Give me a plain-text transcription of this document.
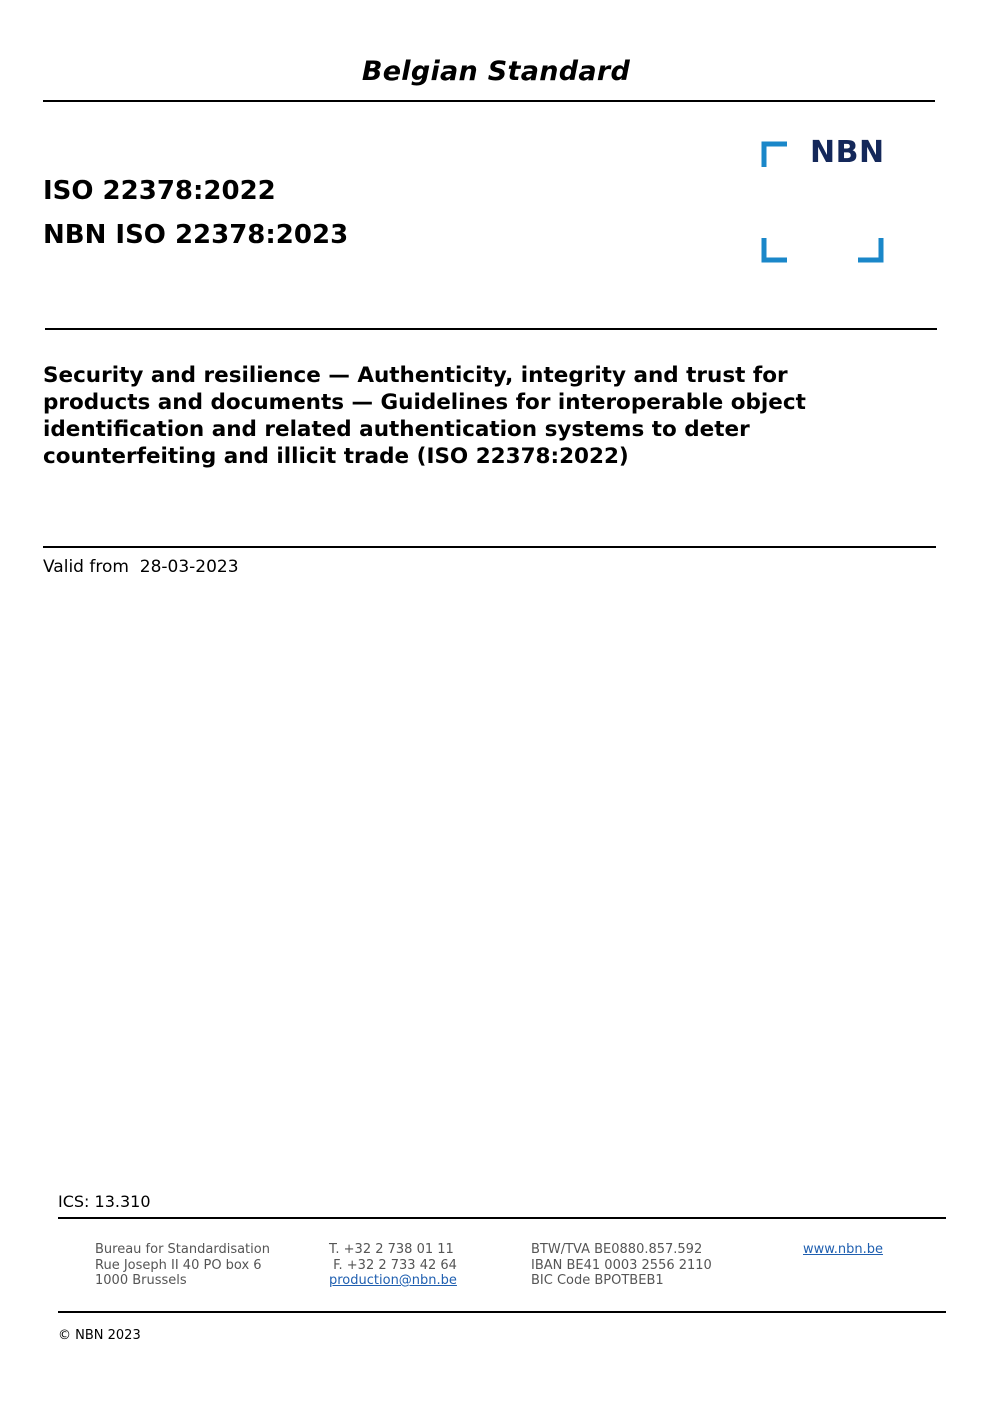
Belgian Standard
ISO 22378:2022
NBN ISO 22378:2023
NBN
Security and resilience — Authenticity, integrity and trust for
products and documents — Guidelines for interoperable object
identification and related authentication systems to deter
counterfeiting and illicit trade (ISO 22378:2022)
Valid from 28-03-2023
ICS: 13.310
Bureau for Standardisation
Rue Joseph II 40 PO box 6
1000 Brussels
T. +32 2 738 01 11
F. +32 2 733 42 64
production@nbn.be
BTW/TVA BE0880.857.592
IBAN BE41 0003 2556 2110
BIC Code BPOTBEB1
www.nbn.be
© NBN 2023
